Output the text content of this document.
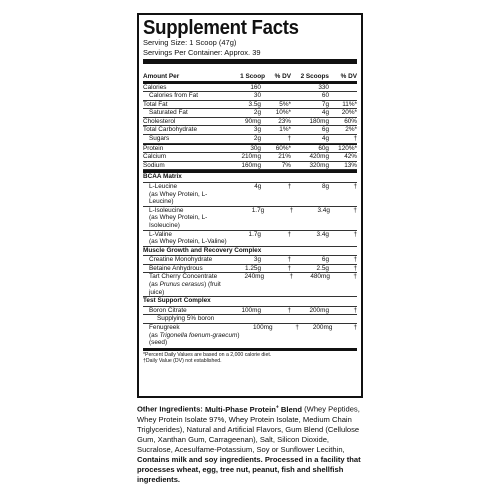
Supplement Facts
Serving Size: 1 Scoop (47g)
Servings Per Container: Approx. 39
Amount Per	1 Scoop	% DV	2 Scoops	% DV
Calories	160	330
Calories from Fat	30	60
Total Fat	3.5g	5%*	7g	11%*
Saturated Fat	2g	10%*	4g	20%*
Cholesterol	90mg	23%	180mg	60%
Total Carbohydrate	3g	1%*	6g	2%*
Sugars	2g	†	4g	†
Protein	30g	60%*	60g	120%*
Calcium	210mg	21%	420mg	42%
Sodium	160mg	7%	320mg	13%
BCAA Matrix
L-Leucine
(as Whey Protein, L-Leucine)
4g	†	8g	†
L-Isoleucine
(as Whey Protein, L-Isoleucine)
1.7g	†	3.4g	†
L-Valine
(as Whey Protein, L-Valine)
1.7g	†	3.4g	†
Muscle Growth and Recovery Complex
Creatine Monohydrate	3g	†	6g	†
Betaine Anhydrous	1.25g	†	2.5g	†
Tart Cherry Concentrate
(as Prunus cerasus) (fruit juice)
240mg	†	480mg	†
Test Support Complex
Boron Citrate	100mg	†	200mg	†
Supplying 5% boron
Fenugreek
(as Trigonella foenum-graecum) (seed)
100mg	†	200mg	†
*Percent Daily Values are based on a 2,000 calorie diet.
†Daily Value (DV) not established.
Other Ingredients: Multi-Phase Protein+ Blend (Whey Peptides, Whey Protein Isolate 97%, Whey Protein Isolate, Medium Chain Triglycerides), Natural and Artificial Flavors, Gum Blend (Cellulose Gum, Xanthan Gum, Carrageenan), Salt, Silicon Dioxide, Sucralose, Acesulfame-Potassium, Soy or Sunflower Lecithin, Contains milk and soy ingredients. Processed in a facility that processes wheat, egg, tree nut, peanut, fish and shellfish ingredients.
